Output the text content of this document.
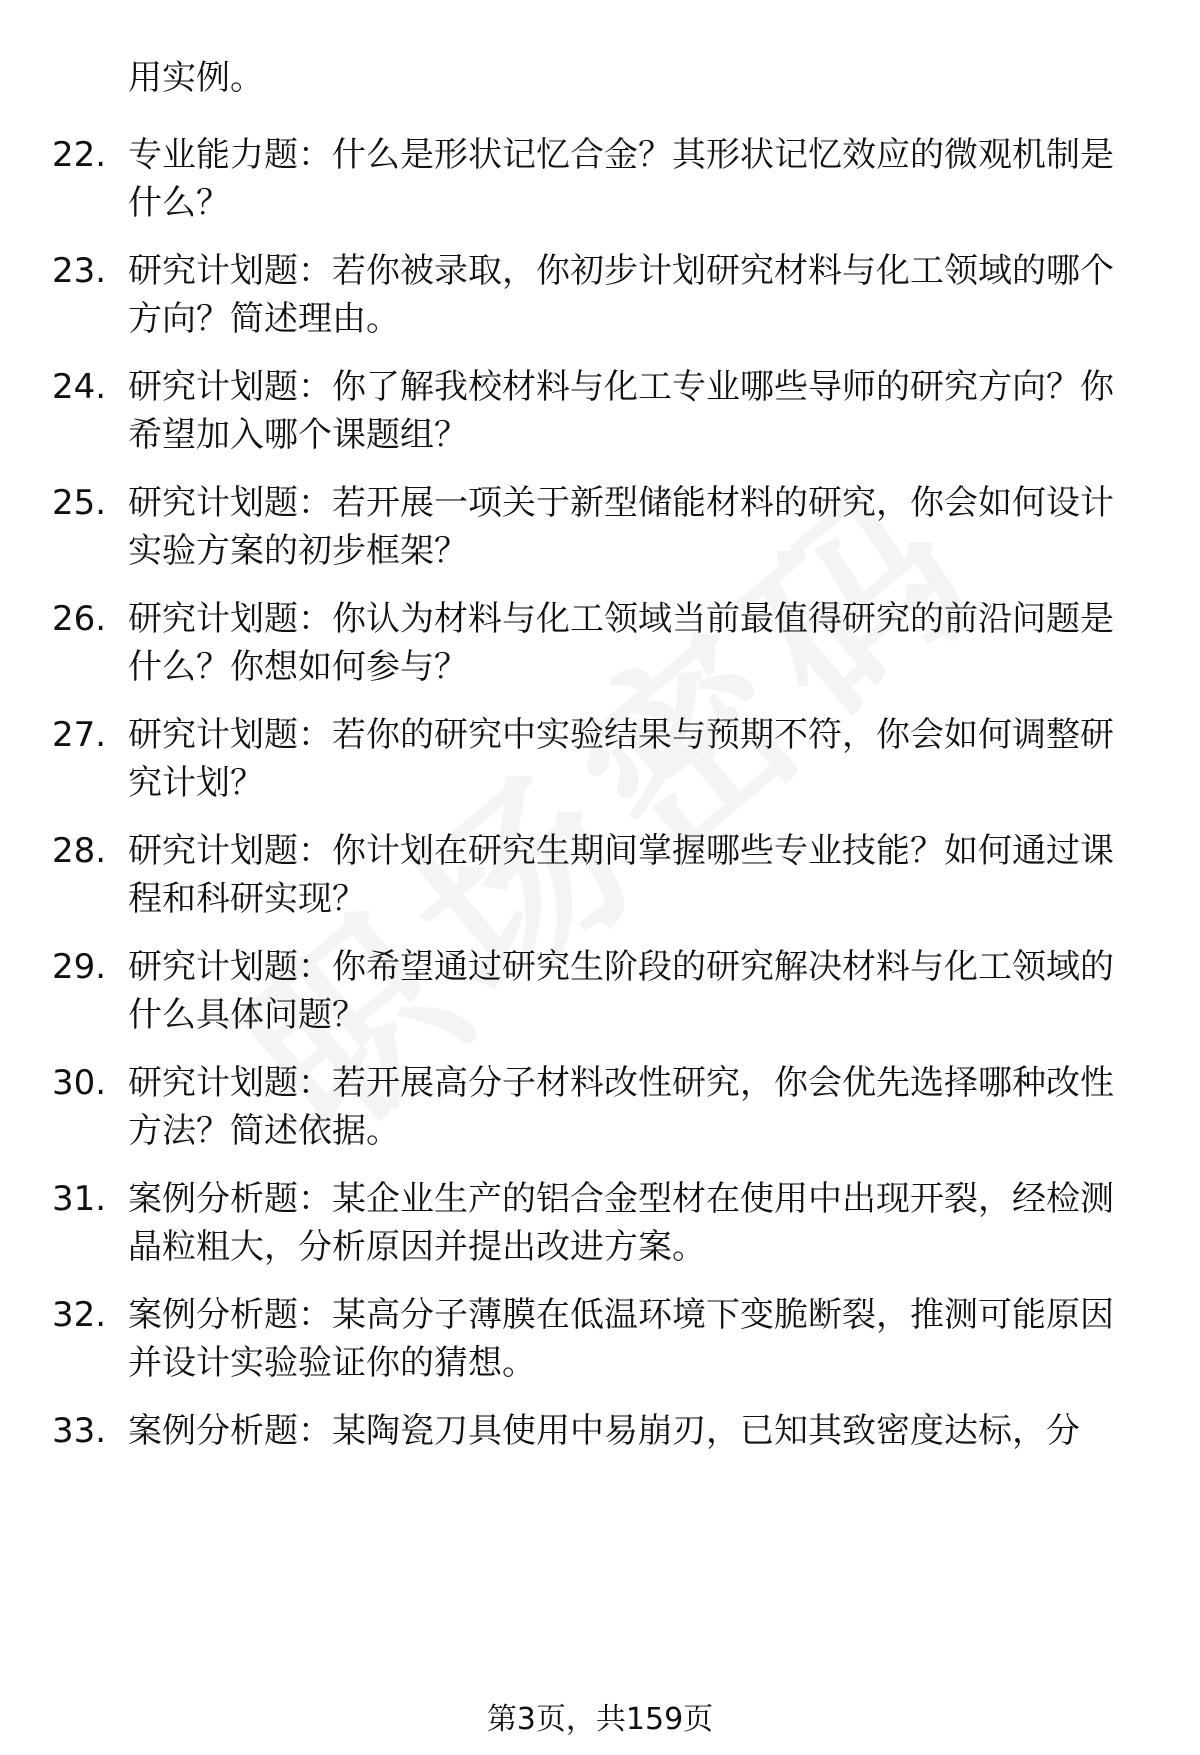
用实例。
22. 专业能力题：什么是形状记忆合金？其形状记忆效应的微观机制是什么？
23. 研究计划题：若你被录取，你初步计划研究材料与化工领域的哪个方向？简述理由。
24. 研究计划题：你了解我校材料与化工专业哪些导师的研究方向？你希望加入哪个课题组？
25. 研究计划题：若开展一项关于新型储能材料的研究，你会如何设计实验方案的初步框架？
26. 研究计划题：你认为材料与化工领域当前最值得研究的前沿问题是什么？你想如何参与？
27. 研究计划题：若你的研究中实验结果与预期不符，你会如何调整研究计划？
28. 研究计划题：你计划在研究生期间掌握哪些专业技能？如何通过课程和科研实现？
29. 研究计划题：你希望通过研究生阶段的研究解决材料与化工领域的什么具体问题？
30. 研究计划题：若开展高分子材料改性研究，你会优先选择哪种改性方法？简述依据。
31. 案例分析题：某企业生产的铝合金型材在使用中出现开裂，经检测晶粒粗大，分析原因并提出改进方案。
32. 案例分析题：某高分子薄膜在低温环境下变脆断裂，推测可能原因并设计实验验证你的猜想。
33. 案例分析题：某陶瓷刀具使用中易崩刃，已知其致密度达标，分
第3页，共159页
